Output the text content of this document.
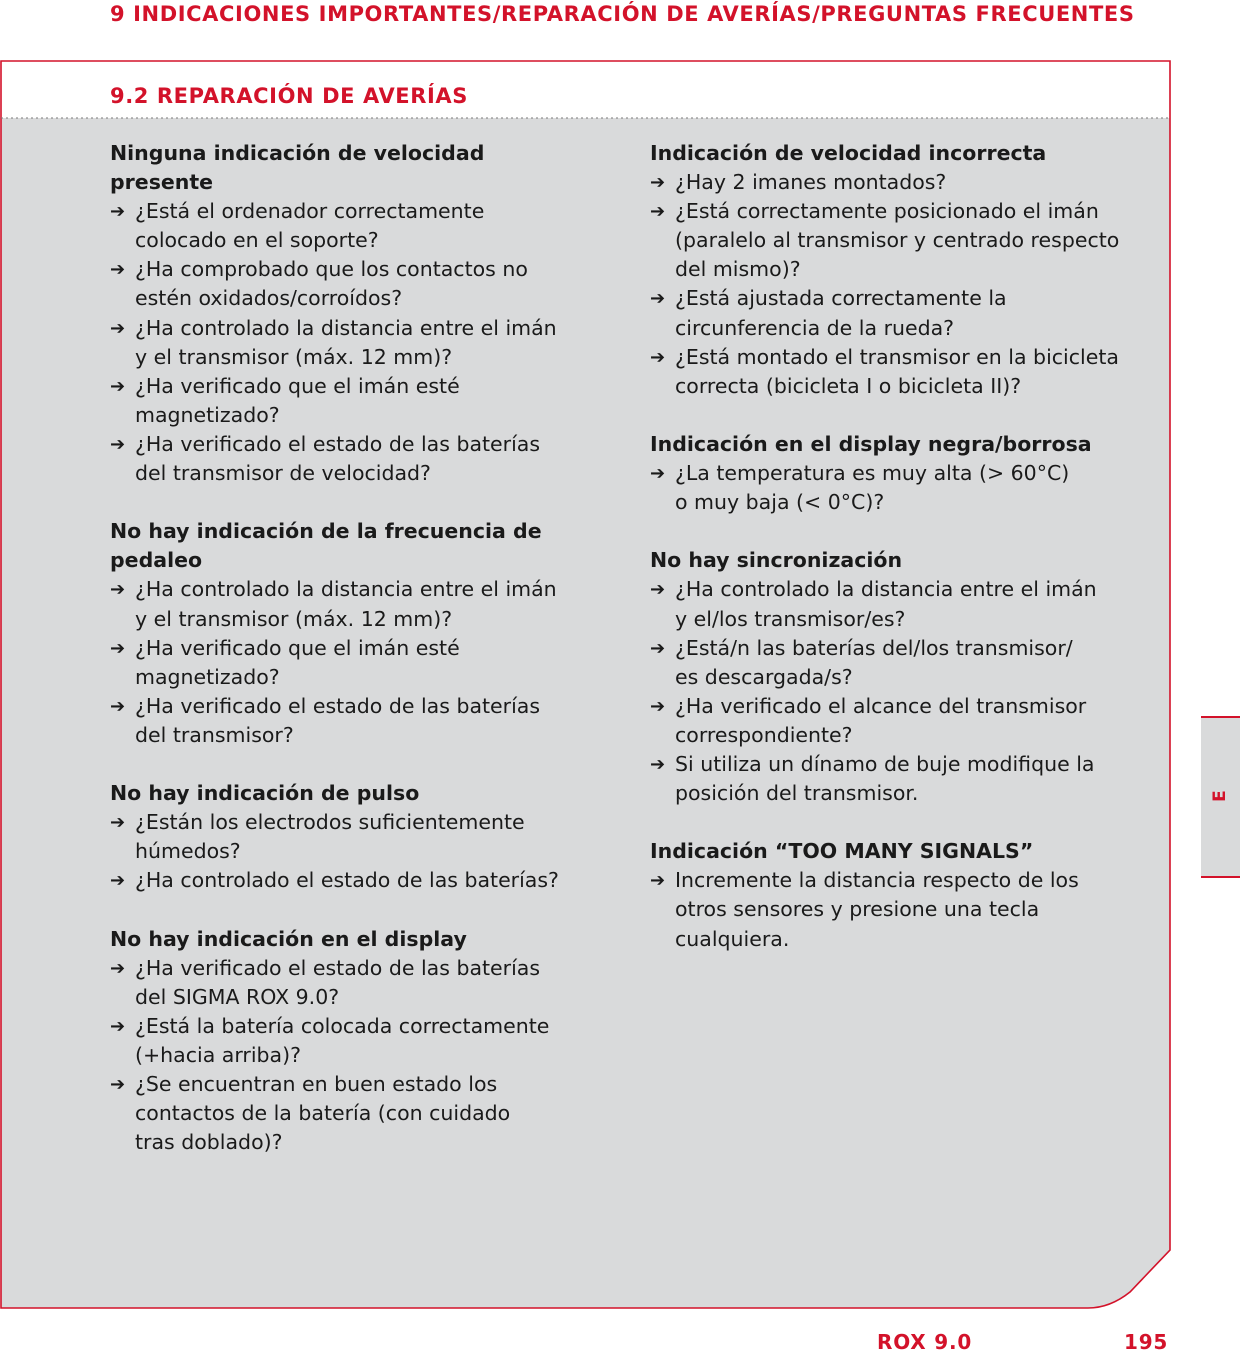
9 INDICACIONES IMPORTANTES/REPARACIÓN DE AVERÍAS/PREGUNTAS FRECUENTES
9.2 REPARACIÓN DE AVERÍAS
Ninguna indicación de velocidad presente
➔ ¿Está el ordenador correctamente
colocado en el soporte?
➔ ¿Ha comprobado que los contactos no
estén oxidados/corroídos?
➔ ¿Ha controlado la distancia entre el imán
y el transmisor (máx. 12 mm)?
➔ ¿Ha verificado que el imán esté
magnetizado?
➔ ¿Ha verificado el estado de las baterías
del transmisor de velocidad?
No hay indicación de la frecuencia de
pedaleo
➔ ¿Ha controlado la distancia entre el imán
y el transmisor (máx. 12 mm)?
➔ ¿Ha verificado que el imán esté
magnetizado?
➔ ¿Ha verificado el estado de las baterías
del transmisor?
No hay indicación de pulso
➔ ¿Están los electrodos suficientemente
húmedos?
➔ ¿Ha controlado el estado de las baterías?
No hay indicación en el display
➔ ¿Ha verificado el estado de las baterías
del SIGMA ROX 9.0?
➔ ¿Está la batería colocada correctamente
(+hacia arriba)?
➔ ¿Se encuentran en buen estado los
contactos de la batería (con cuidado
tras doblado)?
Indicación de velocidad incorrecta
➔ ¿Hay 2 imanes montados?
➔ ¿Está correctamente posicionado el imán
(paralelo al transmisor y centrado respecto
del mismo)?
➔ ¿Está ajustada correctamente la
circunferencia de la rueda?
➔ ¿Está montado el transmisor en la bicicleta
correcta (bicicleta I o bicicleta II)?
Indicación en el display negra/borrosa
➔ ¿La temperatura es muy alta (> 60°C)
o muy baja (< 0°C)?
No hay sincronización
➔ ¿Ha controlado la distancia entre el imán
y el/los transmisor/es?
➔ ¿Está/n las baterías del/los transmisor/
es descargada/s?
➔ ¿Ha verificado el alcance del transmisor
correspondiente?
➔ Si utiliza un dínamo de buje modifique la
posición del transmisor.
Indicación “TOO MANY SIGNALS”
➔ Incremente la distancia respecto de los
otros sensores y presione una tecla
cualquiera.
E
ROX 9.0	195
